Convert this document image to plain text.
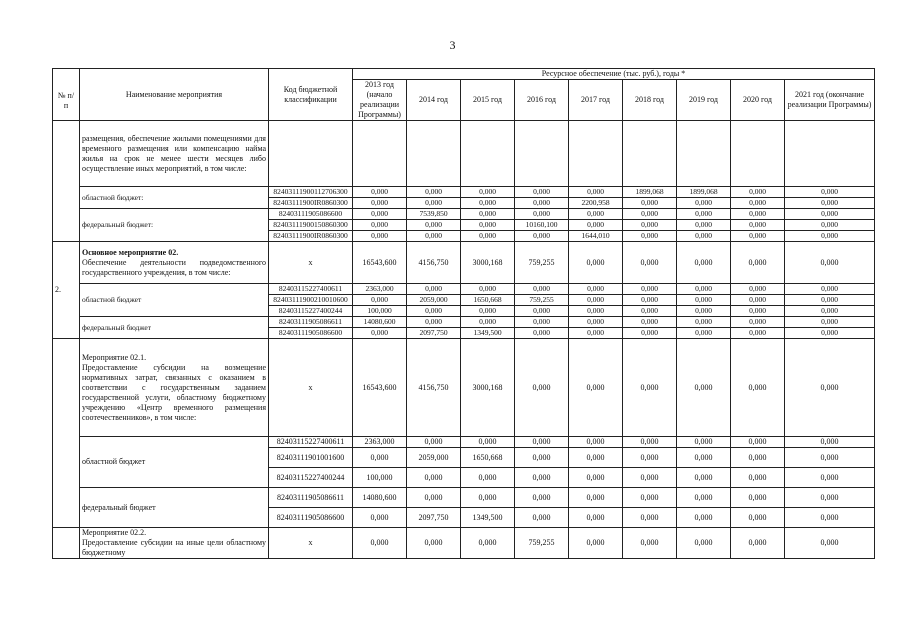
3
№ п/ п	Наименование мероприятия	Код бюджетной классификации	Ресурсное обеспечение (тыс. руб.), годы *								
			2013 год (начало реализации Программы)	2014 год	2015 год	2016 год	2017 год	2018 год	2019 год	2020 год	2021 год (окончание реализации Программы)
	размещения, обеспечение жилыми помещениями для временного размещения или компенсацию найма жилья на срок не менее шести месяцев либо осуществление иных мероприятий, в том числе:										
	областной бюджет:	82403111900112706300	0,000	0,000	0,000	0,000	0,000	1899,068	1899,068	0,000	0,000
		82403111900IR0860300	0,000	0,000	0,000	0,000	2200,958	0,000	0,000	0,000	0,000
	федеральный бюджет:	82403111905086600	0,000	7539,850	0,000	0,000	0,000	0,000	0,000	0,000	0,000
		82403111900150860300	0,000	0,000	0,000	10160,100	0,000	0,000	0,000	0,000	0,000
		82403111900IR0860300	0,000	0,000	0,000	0,000	1644,010	0,000	0,000	0,000	0,000
2.	Основное мероприятие 02.
Обеспечение деятельности подведомственного государственного учреждения, в том числе:	x	16543,600	4156,750	3000,168	759,255	0,000	0,000	0,000	0,000	0,000
	областной бюджет	82403115227400611	2363,000	0,000	0,000	0,000	0,000	0,000	0,000	0,000	0,000
		82403111900210010600	0,000	2059,000	1650,668	759,255	0,000	0,000	0,000	0,000	0,000
		82403115227400244	100,000	0,000	0,000	0,000	0,000	0,000	0,000	0,000	0,000
	федеральный бюджет	82403111905086611	14080,600	0,000	0,000	0,000	0,000	0,000	0,000	0,000	0,000
		82403111905086600	0,000	2097,750	1349,500	0,000	0,000	0,000	0,000	0,000	0,000

	Мероприятие 02.1.
Предоставление субсидии на возмещение нормативных затрат, связанных с оказанием в соответствии с государственным заданием государственной услуги, областному бюджетному учреждению «Центр временного размещения соотечественников», в том числе:	x	16543,600	4156,750	3000,168	0,000	0,000	0,000	0,000	0,000	0,000
	областной бюджет	82403115227400611	2363,000	0,000	0,000	0,000	0,000	0,000	0,000	0,000	0,000
		82403111901001600	0,000	2059,000	1650,668	0,000	0,000	0,000	0,000	0,000	0,000
		82403115227400244	100,000	0,000	0,000	0,000	0,000	0,000	0,000	0,000	0,000
	федеральный бюджет	82403111905086611	14080,600	0,000	0,000	0,000	0,000	0,000	0,000	0,000	0,000
		82403111905086600	0,000	2097,750	1349,500	0,000	0,000	0,000	0,000	0,000	0,000

	Мероприятие 02.2.
Предоставление субсидии на иные цели областному бюджетному	x	0,000	0,000	0,000	759,255	0,000	0,000	0,000	0,000	0,000
